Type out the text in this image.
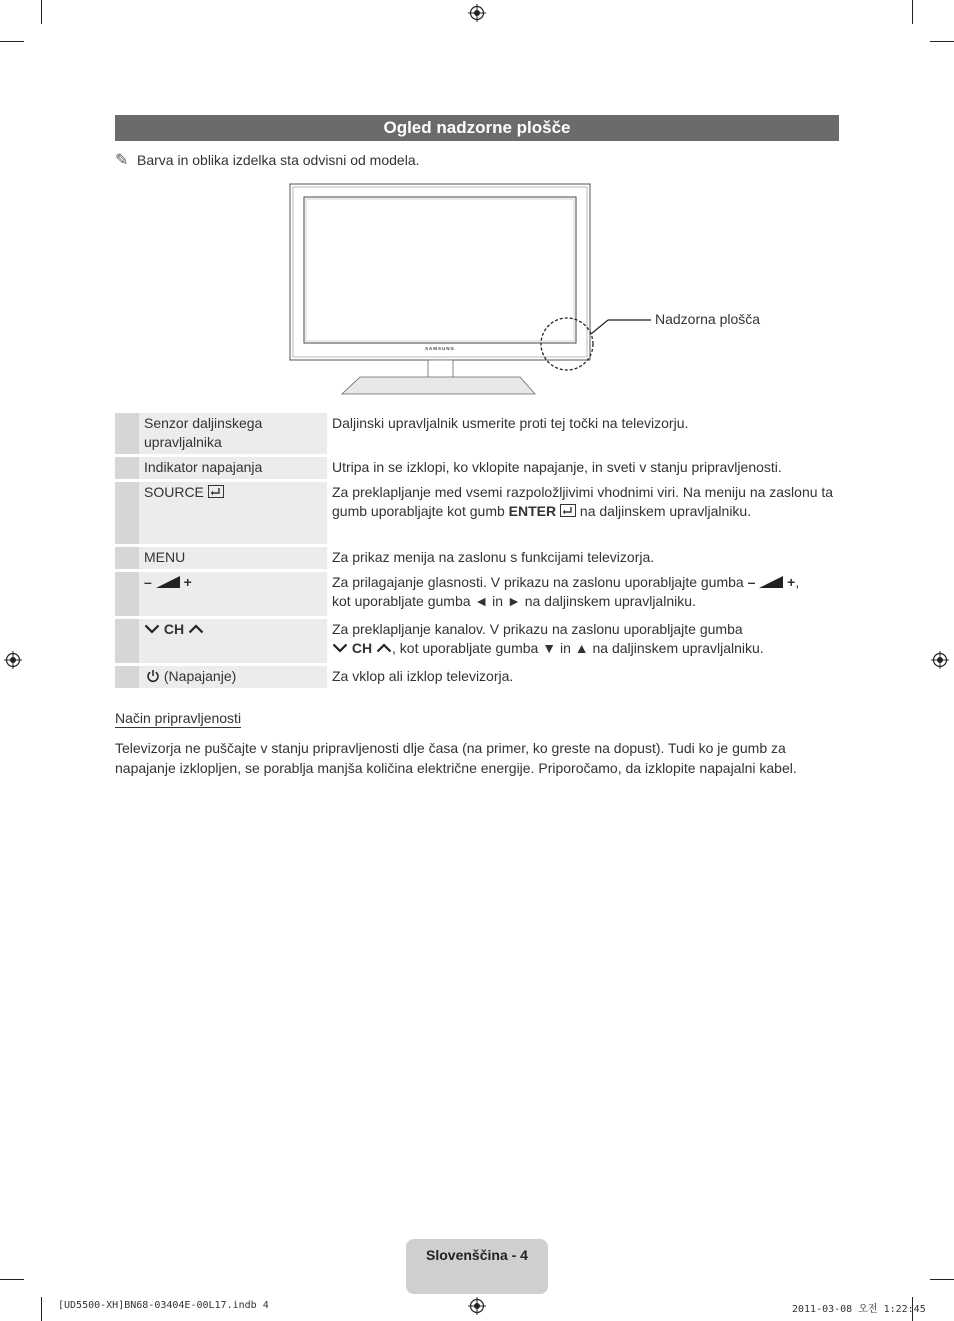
Ogled nadzorne plošče
✎ Barva in oblika izdelka sta odvisni od modela.
SAMSUNG
Nadzorna plošča
	Senzor daljinskega upravljalnika	Daljinski upravljalnik usmerite proti tej točki na televizorju.
	Indikator napajanja	Utripa in se izklopi, ko vklopite napajanje, in sveti v stanju pripravljenosti.
	SOURCE	Za preklapljanje med vsemi razpoložljivimi vhodnimi viri. Na meniju na zaslonu ta gumb uporabljajte kot gumb ENTER  na daljinskem upravljalniku.
	MENU	Za prikaz menija na zaslonu s funkcijami televizorja.
	– +	Za prilagajanje glasnosti. V prikazu na zaslonu uporabljajte gumba – +,
kot uporabljate gumba ◄ in ► na daljinskem upravljalniku.
	CH	Za preklapljanje kanalov. V prikazu na zaslonu uporabljajte gumba
CH , kot uporabljate gumba ▼ in ▲ na daljinskem upravljalniku.
	(Napajanje)	Za vklop ali izklop televizorja.
Način pripravljenosti
Televizorja ne puščajte v stanju pripravljenosti dlje časa (na primer, ko greste na dopust). Tudi ko je gumb za napajanje izklopljen, se porablja manjša količina električne energije. Priporočamo, da izklopite napajalni kabel.
Slovenščina - 4
[UD5500-XH]BN68-03404E-00L17.indb 4	2011-03-08 오전 1:22:45
